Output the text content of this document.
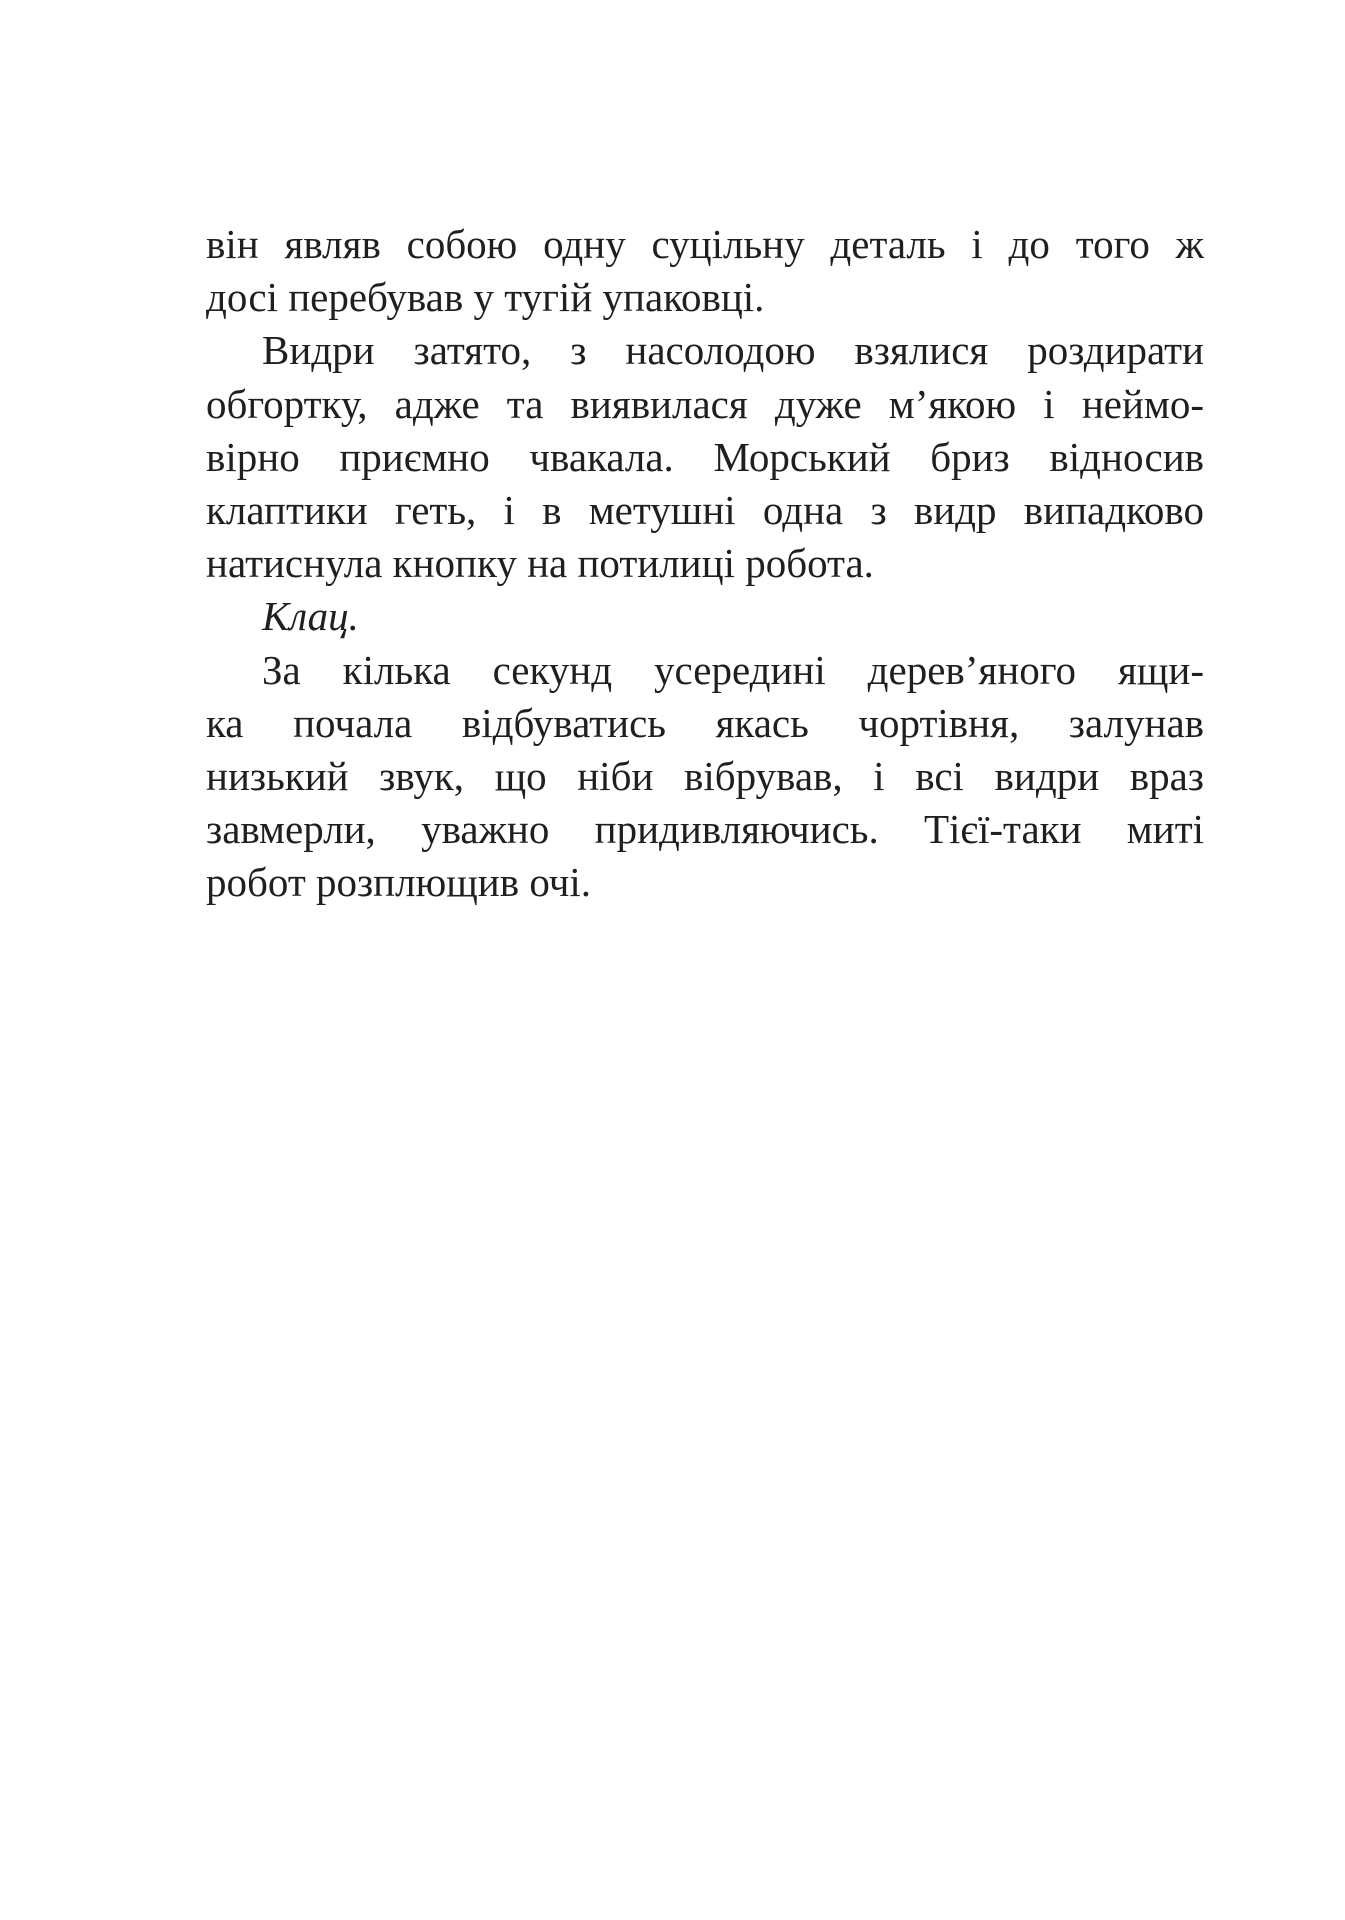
він являв собою одну суцільну деталь і до того ж
досі перебував у тугій упаковці.
Видри затято, з насолодою взялися роздирати
обгортку, адже та виявилася дуже м’якою і неймо-
вірно приємно чвакала. Морський бриз відносив
клаптики геть, і в метушні одна з видр випадково
натиснула кнопку на потилиці робота.
Клац.
За кілька секунд усередині дерев’яного ящи-
ка почала відбуватись якась чортівня, залунав
низький звук, що ніби вібрував, і всі видри враз
завмерли, уважно придивляючись. Тієї-таки миті
робот розплющив очі.
